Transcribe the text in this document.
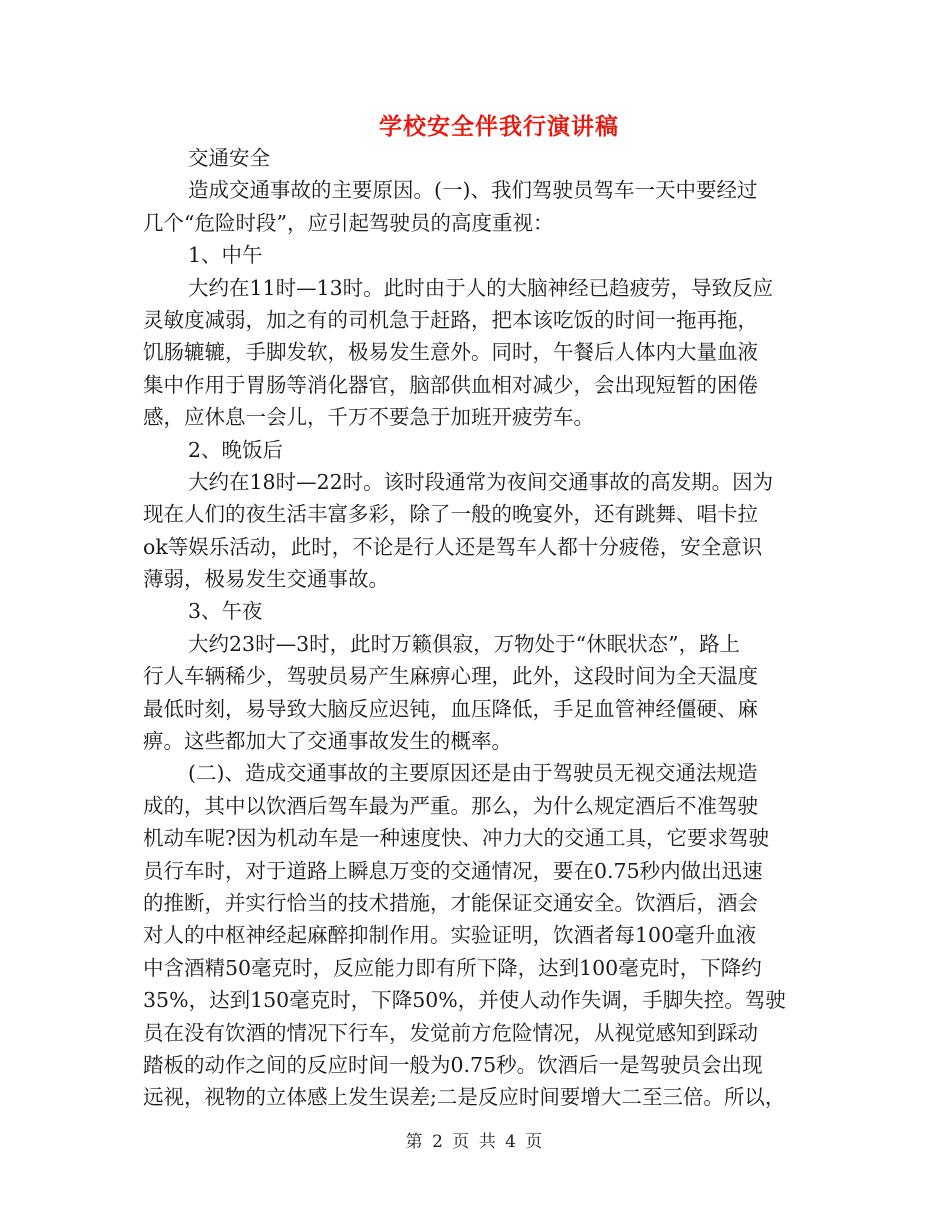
学校安全伴我行演讲稿
交通安全
造成交通事故的主要原因。(一)、我们驾驶员驾车一天中要经过
几个“危险时段”，应引起驾驶员的高度重视：
1、中午
大约在11时—13时。此时由于人的大脑神经已趋疲劳，导致反应
灵敏度减弱，加之有的司机急于赶路，把本该吃饭的时间一拖再拖，
饥肠辘辘，手脚发软，极易发生意外。同时，午餐后人体内大量血液
集中作用于胃肠等消化器官，脑部供血相对减少，会出现短暂的困倦
感，应休息一会儿，千万不要急于加班开疲劳车。
2、晚饭后
大约在18时—22时。该时段通常为夜间交通事故的高发期。因为
现在人们的夜生活丰富多彩，除了一般的晚宴外，还有跳舞、唱卡拉
ok等娱乐活动，此时，不论是行人还是驾车人都十分疲倦，安全意识
薄弱，极易发生交通事故。
3、午夜
大约23时—3时，此时万籁俱寂，万物处于“休眠状态”，路上
行人车辆稀少，驾驶员易产生麻痹心理，此外，这段时间为全天温度
最低时刻，易导致大脑反应迟钝，血压降低，手足血管神经僵硬、麻
痹。这些都加大了交通事故发生的概率。
(二)、造成交通事故的主要原因还是由于驾驶员无视交通法规造
成的，其中以饮酒后驾车最为严重。那么，为什么规定酒后不准驾驶
机动车呢?因为机动车是一种速度快、冲力大的交通工具，它要求驾驶
员行车时，对于道路上瞬息万变的交通情况，要在0.75秒内做出迅速
的推断，并实行恰当的技术措施，才能保证交通安全。饮酒后，酒会
对人的中枢神经起麻醉抑制作用。实验证明，饮酒者每100毫升血液
中含酒精50毫克时，反应能力即有所下降，达到100毫克时，下降约
35%，达到150毫克时，下降50%，并使人动作失调，手脚失控。驾驶
员在没有饮酒的情况下行车，发觉前方危险情况，从视觉感知到踩动
踏板的动作之间的反应时间一般为0.75秒。饮酒后一是驾驶员会出现
远视，视物的立体感上发生误差;二是反应时间要增大二至三倍。所以，
第 2 页 共 4 页
